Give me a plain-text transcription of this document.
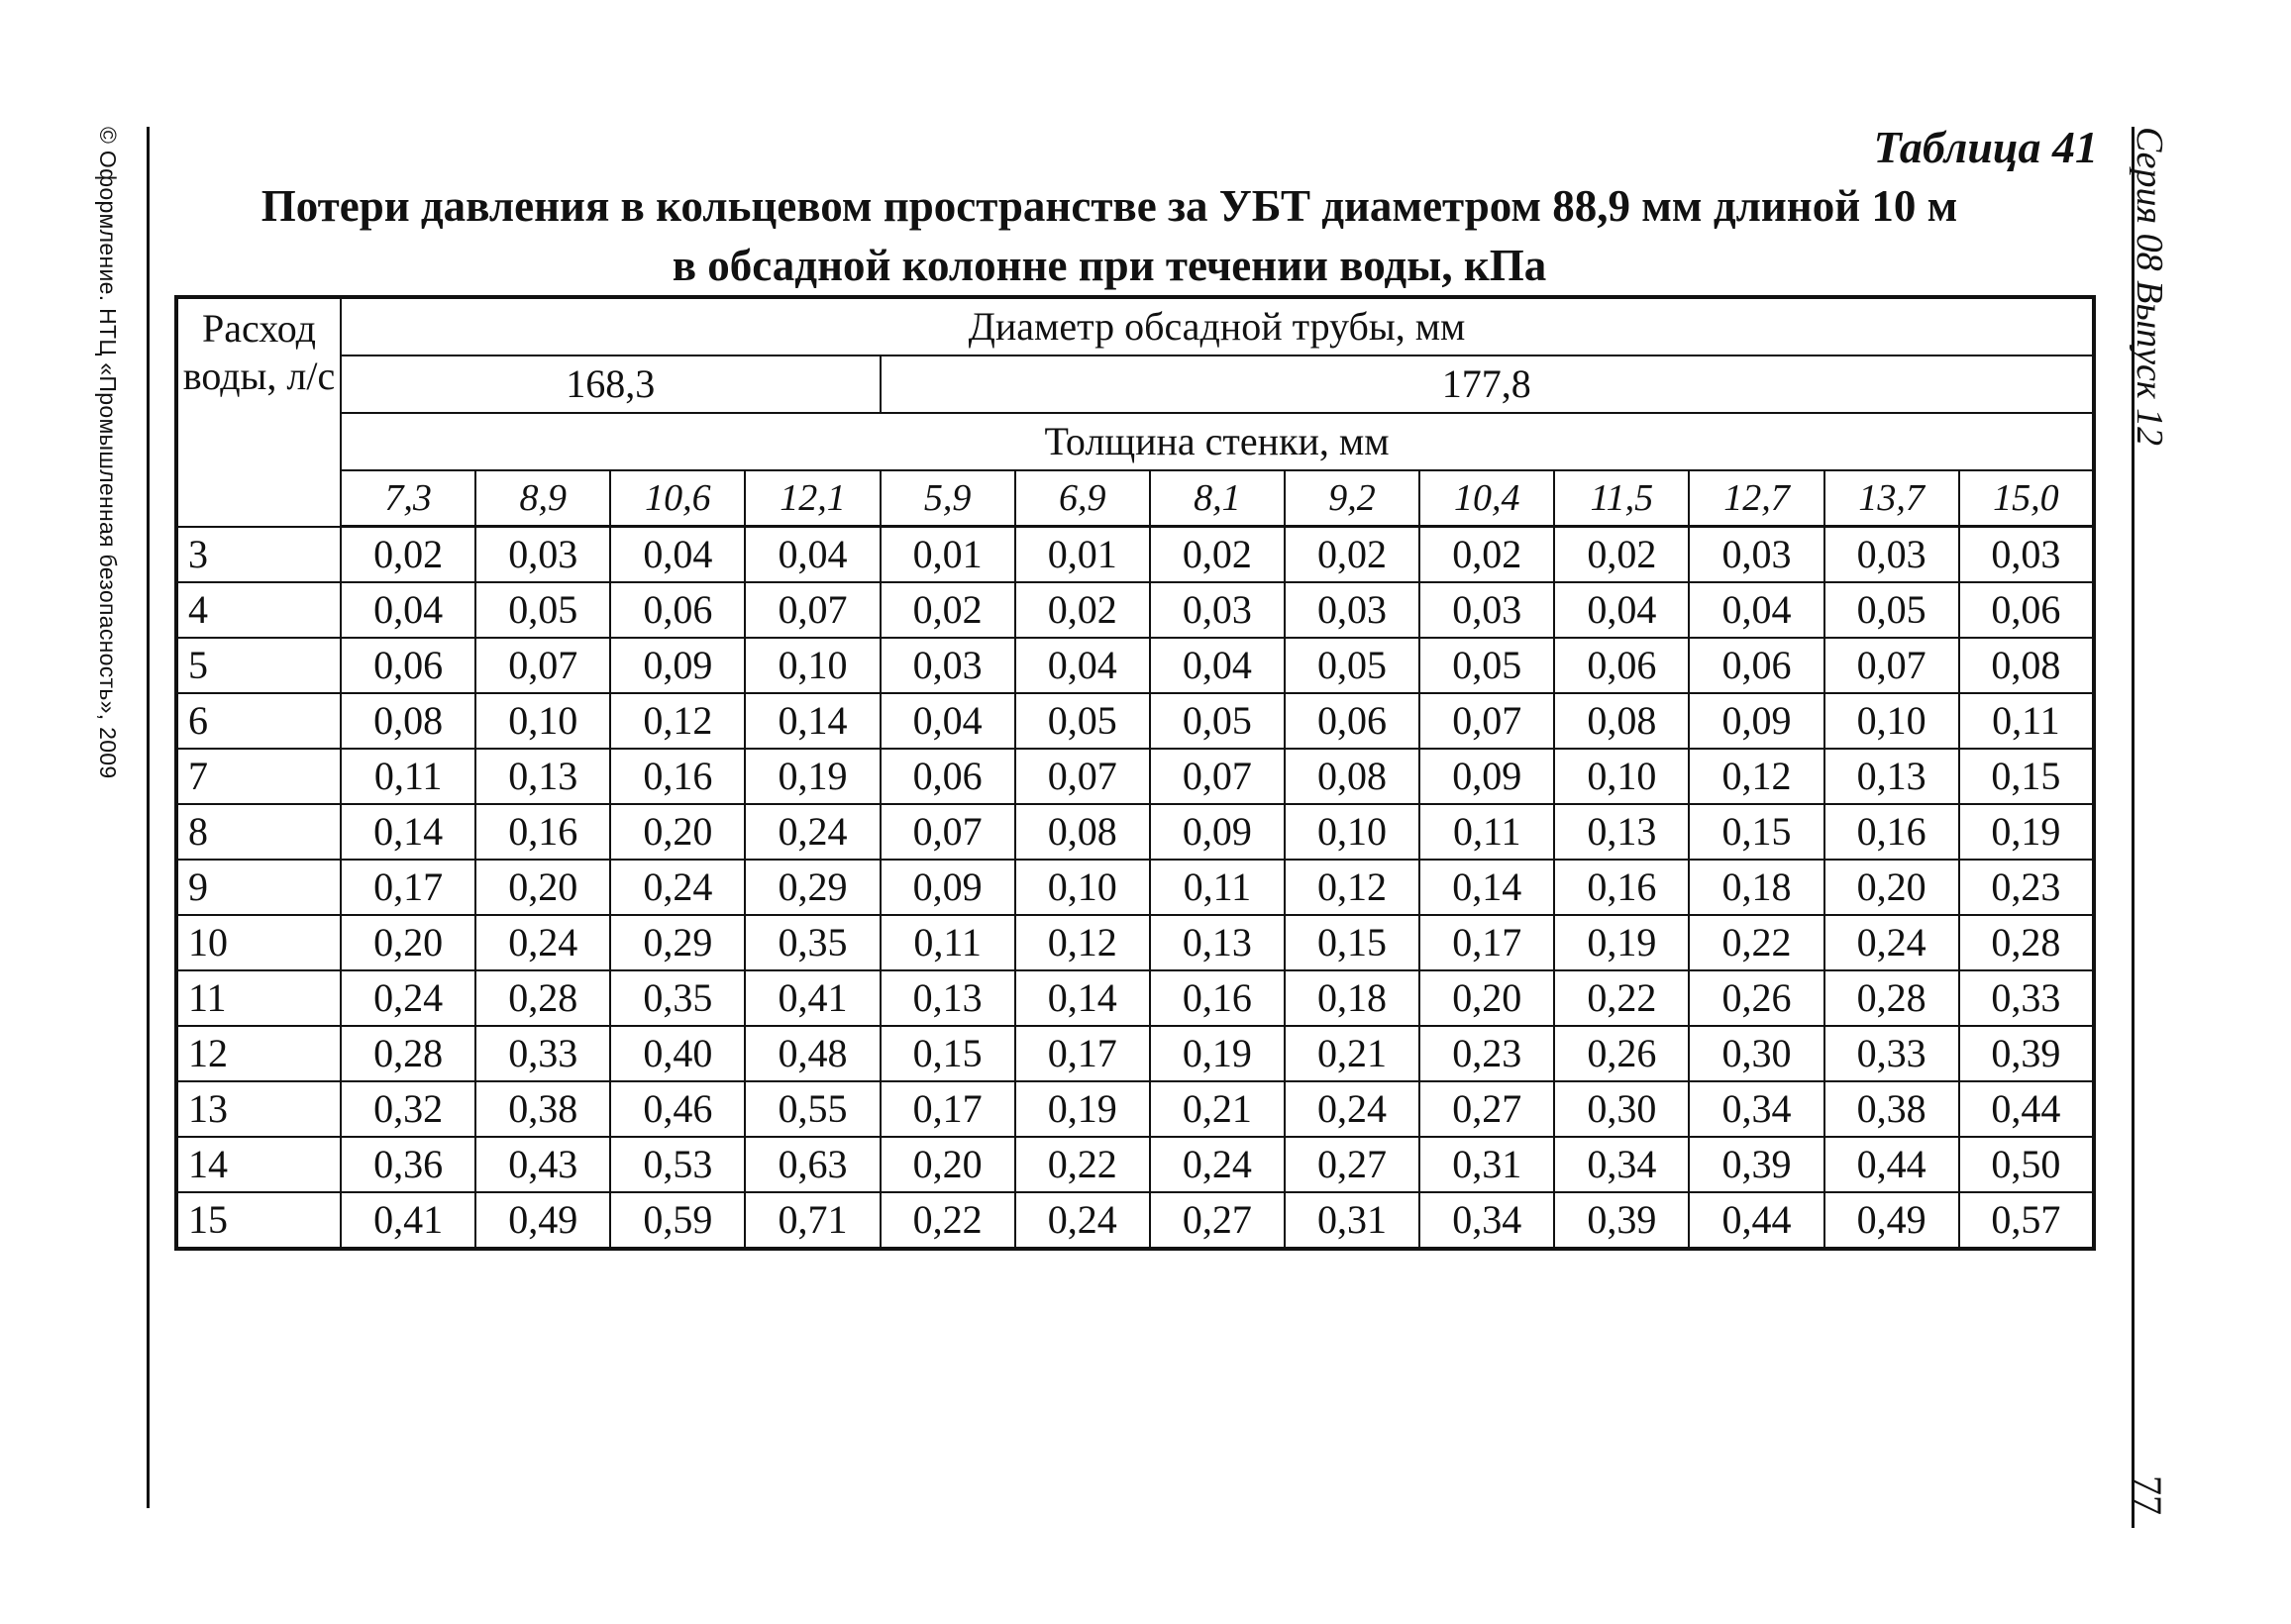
© Оформление. НТЦ «Промышленная безопасность», 2009	Серия 08 Выпуск 12
77
Таблица 41
Потери давления в кольцевом пространстве за УБТ диаметром 88,9 мм длиной 10 м
в обсадной колонне при течении воды, кПа
Расход воды, л/с	Диаметр обсадной трубы, мм												
	168,3				177,8								
	Толщина стенки, мм												
	7,3	8,9	10,6	12,1	5,9	6,9	8,1	9,2	10,4	11,5	12,7	13,7	15,0
3	0,02	0,03	0,04	0,04	0,01	0,01	0,02	0,02	0,02	0,02	0,03	0,03	0,03
4	0,04	0,05	0,06	0,07	0,02	0,02	0,03	0,03	0,03	0,04	0,04	0,05	0,06
5	0,06	0,07	0,09	0,10	0,03	0,04	0,04	0,05	0,05	0,06	0,06	0,07	0,08
6	0,08	0,10	0,12	0,14	0,04	0,05	0,05	0,06	0,07	0,08	0,09	0,10	0,11
7	0,11	0,13	0,16	0,19	0,06	0,07	0,07	0,08	0,09	0,10	0,12	0,13	0,15
8	0,14	0,16	0,20	0,24	0,07	0,08	0,09	0,10	0,11	0,13	0,15	0,16	0,19
9	0,17	0,20	0,24	0,29	0,09	0,10	0,11	0,12	0,14	0,16	0,18	0,20	0,23
10	0,20	0,24	0,29	0,35	0,11	0,12	0,13	0,15	0,17	0,19	0,22	0,24	0,28
11	0,24	0,28	0,35	0,41	0,13	0,14	0,16	0,18	0,20	0,22	0,26	0,28	0,33
12	0,28	0,33	0,40	0,48	0,15	0,17	0,19	0,21	0,23	0,26	0,30	0,33	0,39
13	0,32	0,38	0,46	0,55	0,17	0,19	0,21	0,24	0,27	0,30	0,34	0,38	0,44
14	0,36	0,43	0,53	0,63	0,20	0,22	0,24	0,27	0,31	0,34	0,39	0,44	0,50
15	0,41	0,49	0,59	0,71	0,22	0,24	0,27	0,31	0,34	0,39	0,44	0,49	0,57
